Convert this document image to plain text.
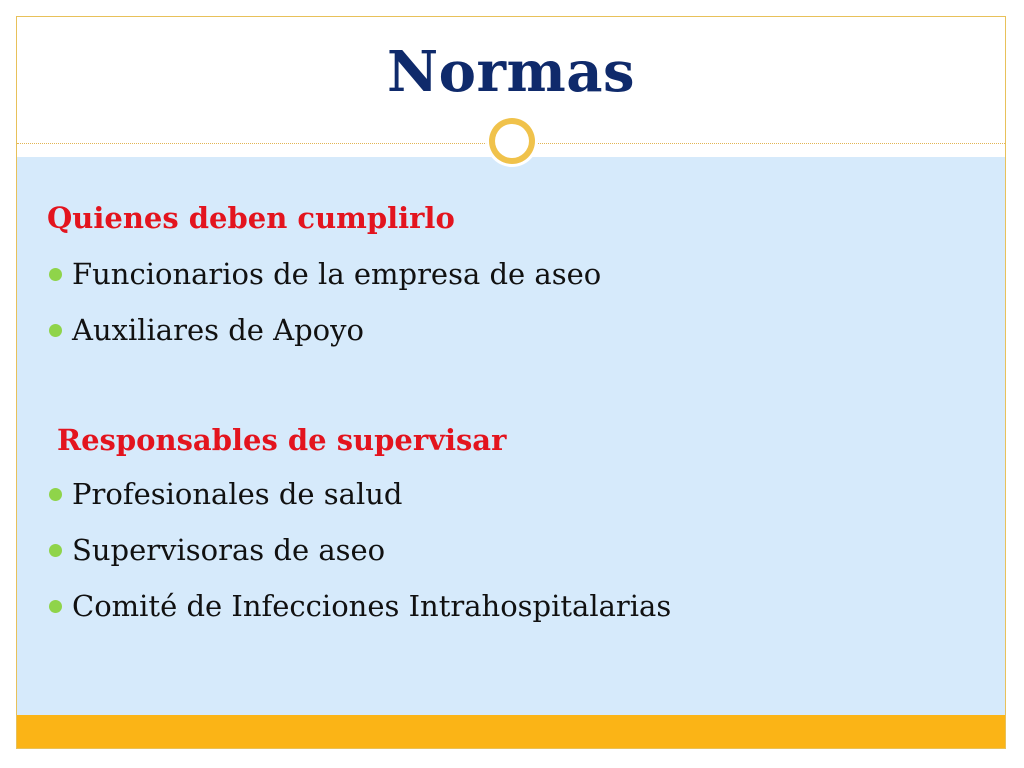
Normas
Quienes deben cumplirlo
Funcionarios de la empresa de aseo
Auxiliares de Apoyo
Responsables de supervisar
Profesionales de salud
Supervisoras de aseo
Comité de Infecciones Intrahospitalarias
